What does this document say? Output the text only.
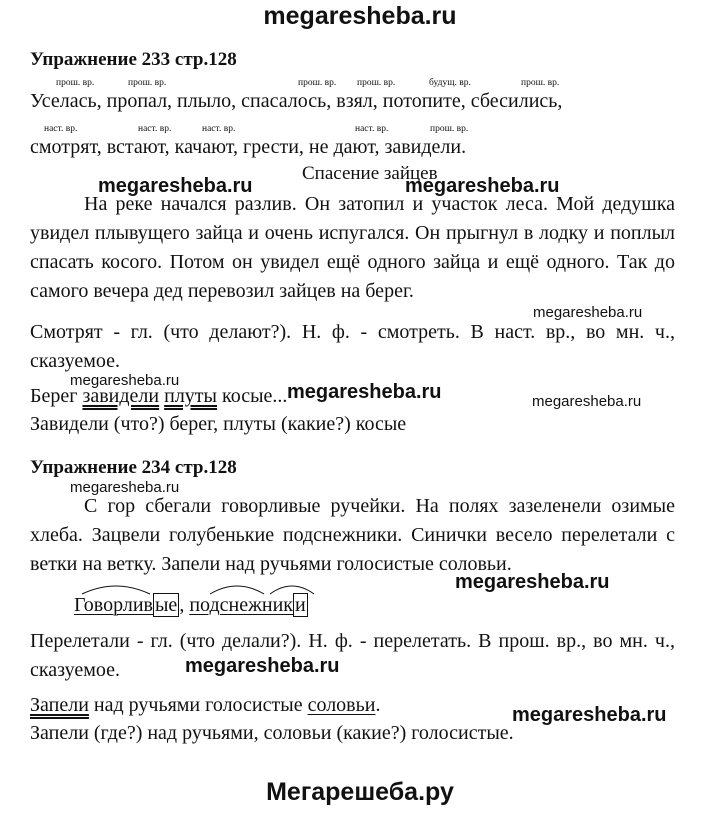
megaresheba.ru
Упражнение 233 стр.128
прош. вр.	прош. вр.	прош. вр. прош. вр.	будущ. вр.	прош. вр.
Уселась, пропал, плыло, спасалось, взял, потопите, сбесились,
наст. вр.	наст. вр.	наст. вр.	наст. вр.	прош. вр.
смотрят, встают, качают, грести, не дают, завидели.
Спасение зайцев
megaresheba.ru	megaresheba.ru
На реке начался разлив. Он затопил и участок леса. Мой дедушка увидел плывущего зайца и очень испугался. Он прыгнул в лодку и поплыл спасать косого. Потом он увидел ещё одного зайца и ещё одного. Так до самого вечера дед перевозил зайцев на берег.
megaresheba.ru
Смотрят - гл. (что делают?). Н. ф. - смотреть. В наст. вр., во мн. ч., сказуемое.
megaresheba.ru
megaresheba.ru	megaresheba.ru
Берег завидели плуты косые...
Завидели (что?) берег, плуты (какие?) косые
Упражнение 234 стр.128
megaresheba.ru
С гор сбегали говорливые ручейки. На полях зазеленели озимые хлеба. Зацвели голубенькие подснежники. Синички весело перелетали с ветки на ветку. Запели над ручьями голосистые соловьи.
megaresheba.ru
Говорлив ые , подснежник и
Перелетали - гл. (что делали?). Н. ф. - перелетать. В прош. вр., во мн. ч., сказуемое.	megaresheba.ru
Запели над ручьями голосистые соловьи.	megaresheba.ru
Запели (где?) над ручьями, соловьи (какие?) голосистые.
Мегарешеба.ру
